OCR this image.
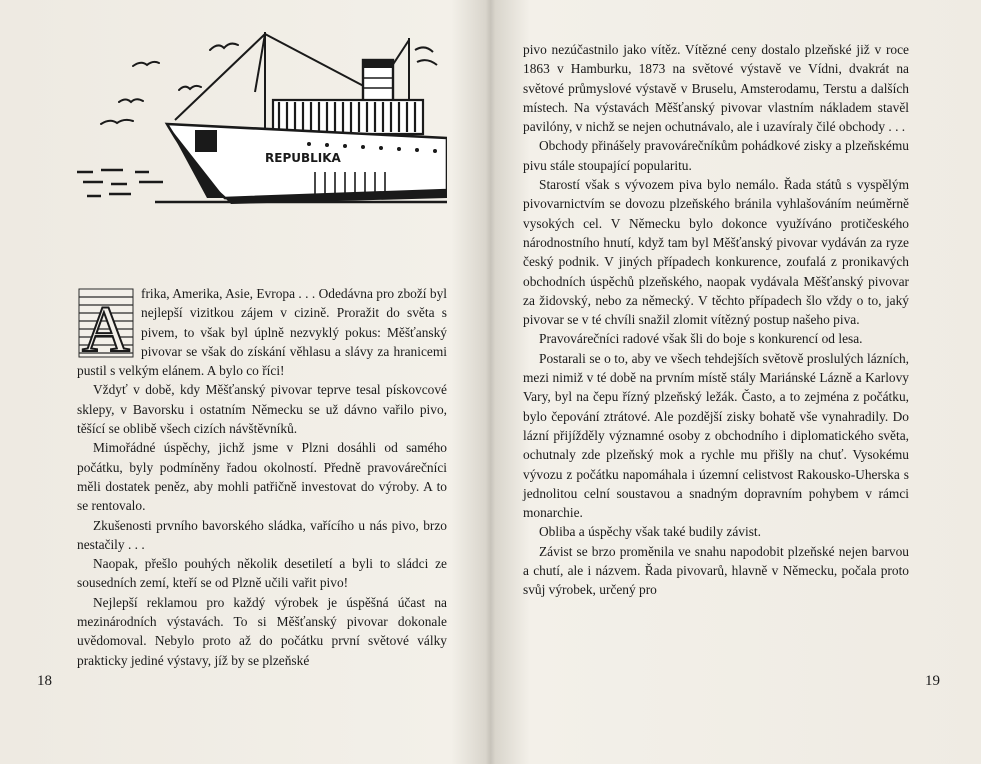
REPUBLIKA

A frika, Amerika, Asie, Evropa . . . Odedávna pro zboží byl nejlepší vizitkou zájem v cizině. Proražit do světa s pivem, to však byl úplně nezvyklý pokus: Měšťanský pivovar se však do získání věhlasu a slávy za hranicemi pustil s velkým elánem. A bylo co říci!

Vždyť v době, kdy Měšťanský pivovar teprve tesal pískovcové sklepy, v Bavorsku i ostatním Německu se už dávno vařilo pivo, těšící se oblibě všech cizích návštěvníků.

Mimořádné úspěchy, jichž jsme v Plzni dosáhli od samého počátku, byly podmíněny řadou okolností. Předně pravovárečníci měli dostatek peněz, aby mohli patřičně investovat do výroby. A to se rentovalo.

Zkušenosti prvního bavorského sládka, vařícího u nás pivo, brzo nestačily . . .

Naopak, přešlo pouhých několik desetiletí a byli to sládci ze sousedních zemí, kteří se od Plzně učili vařit pivo!

Nejlepší reklamou pro každý výrobek je úspěšná účast na mezinárodních výstavách. To si Měšťanský pivovar dokonale uvědomoval. Nebylo proto až do počátku první světové války prakticky jediné výstavy, jíž by se plzeňské

18

pivo nezúčastnilo jako vítěz. Vítězné ceny dostalo plzeňské již v roce 1863 v Hamburku, 1873 na světové výstavě ve Vídni, dvakrát na světové průmyslové výstavě v Bruselu, Amsterodamu, Terstu a dalších místech. Na výstavách Měšťanský pivovar vlastním nákladem stavěl pavilóny, v nichž se nejen ochutnávalo, ale i uzavíraly čilé obchody . . .

Obchody přinášely pravovárečníkům pohádkové zisky a plzeňskému pivu stále stoupající popularitu.

Starostí však s vývozem piva bylo nemálo. Řada států s vyspělým pivovarnictvím se dovozu plzeňského bránila vyhlašováním neúměrně vysokých cel. V Německu bylo dokonce využíváno protičeského národnostního hnutí, když tam byl Měšťanský pivovar vydáván za ryze český podnik. V jiných případech konkurence, zoufalá z pronikavých obchodních úspěchů plzeňského, naopak vydávala Měšťanský pivovar za židovský, nebo za německý. V těchto případech šlo vždy o to, jaký pivovar se v té chvíli snažil zlomit vítězný postup našeho piva.

Pravovárečníci radové však šli do boje s konkurencí od lesa.

Postarali se o to, aby ve všech tehdejších světově proslulých lázních, mezi nimiž v té době na prvním místě stály Mariánské Lázně a Karlovy Vary, byl na čepu řízný plzeňský ležák. Často, a to zejména z počátku, bylo čepování ztrátové. Ale pozdější zisky bohatě vše vynahradily. Do lázní přijížděly významné osoby z obchodního i diplomatického světa, ochutnaly zde plzeňský mok a rychle mu přišly na chuť. Vysokému vývozu z počátku napomáhala i územní celistvost Rakousko-Uherska s jednolitou celní soustavou a snadným dopravním pohybem v rámci monarchie.

Obliba a úspěchy však také budily závist.

Závist se brzo proměnila ve snahu napodobit plzeňské nejen barvou a chutí, ale i názvem. Řada pivovarů, hlavně v Německu, počala proto svůj výrobek, určený pro

19
